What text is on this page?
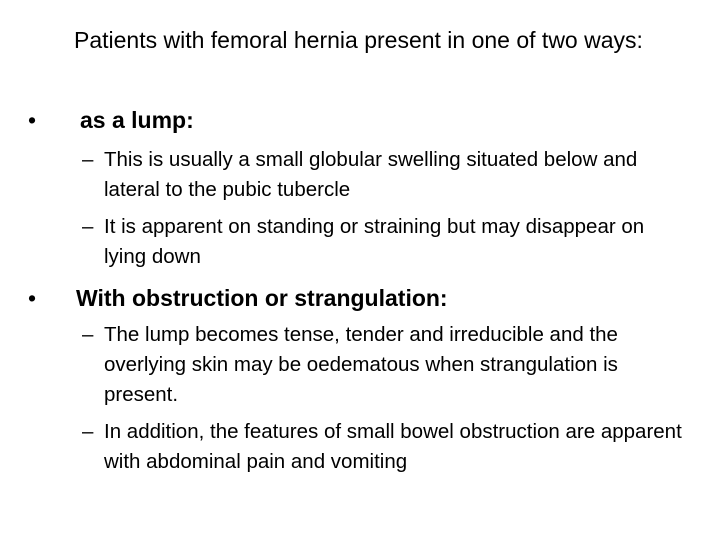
Patients with femoral hernia present in one of two ways:
•	as a lump:
– This is usually a small globular swelling situated below and lateral to the pubic tubercle
– It is apparent on standing or straining but may disappear on lying down
•	With obstruction or strangulation:
– The lump becomes tense, tender and irreducible and the overlying skin may be oedematous when strangulation is present.
– In addition, the features of small bowel obstruction are apparent with abdominal pain and vomiting
